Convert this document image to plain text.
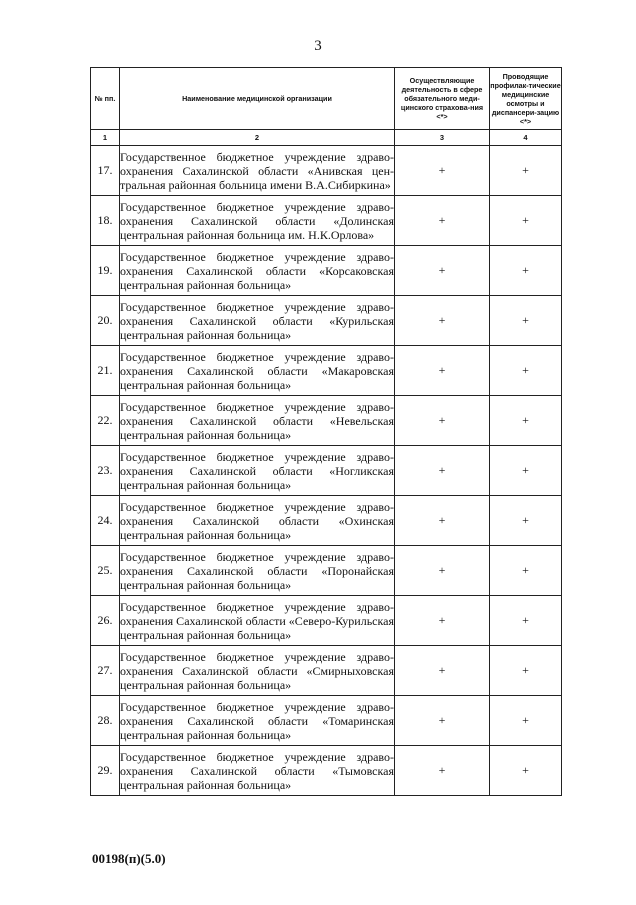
3
№ пп.	Наименование медицинской организации	Осуществляющие деятельность в сфере обязательного меди-цинского страхова-ния <*>	Проводящие профилак-тические медицинские осмотры и диспансери-зацию <*>
1	2	3	4
17.	Государственное бюджетное учреждение здраво-охранения Сахалинской области «Анивская цен-тральная районная больница имени В.А.Сибиркина»	+	+
18.	Государственное бюджетное учреждение здраво-охранения Сахалинской области «Долинская центральная районная больница им. Н.К.Орлова»	+	+
19.	Государственное бюджетное учреждение здраво-охранения Сахалинской области «Корсаковская центральная районная больница»	+	+
20.	Государственное бюджетное учреждение здраво-охранения Сахалинской области «Курильская центральная районная больница»	+	+
21.	Государственное бюджетное учреждение здраво-охранения Сахалинской области «Макаровская центральная районная больница»	+	+
22.	Государственное бюджетное учреждение здраво-охранения Сахалинской области «Невельская центральная районная больница»	+	+
23.	Государственное бюджетное учреждение здраво-охранения Сахалинской области «Ногликская центральная районная больница»	+	+
24.	Государственное бюджетное учреждение здраво-охранения Сахалинской области «Охинская центральная районная больница»	+	+
25.	Государственное бюджетное учреждение здраво-охранения Сахалинской области «Поронайская центральная районная больница»	+	+
26.	Государственное бюджетное учреждение здраво-охранения Сахалинской области «Северо-Курильская центральная районная больница»	+	+
27.	Государственное бюджетное учреждение здраво-охранения Сахалинской области «Смирныховская центральная районная больница»	+	+
28.	Государственное бюджетное учреждение здраво-охранения Сахалинской области «Томаринская центральная районная больница»	+	+
29.	Государственное бюджетное учреждение здраво-охранения Сахалинской области «Тымовская центральная районная больница»	+	+
00198(п)(5.0)
